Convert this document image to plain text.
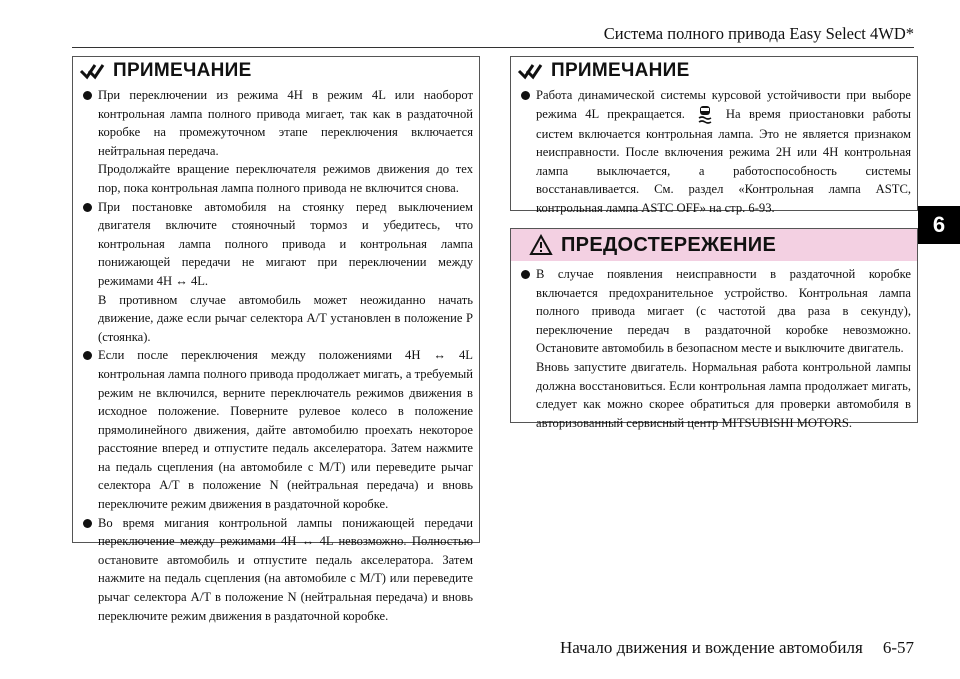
Система полного привода Easy Select 4WD*
6
ПРИМЕЧАНИЕ
При переключении из режима 4H в режим 4L или наоборот контрольная лампа полного привода мигает, так как в раздаточной коробке на промежуточном этапе переключения включается нейтральная передача.
Продолжайте вращение переключателя режимов движения до тех пор, пока контрольная лампа полного привода не включится снова.
При постановке автомобиля на стоянку перед выключением двигателя включите стояночный тормоз и убедитесь, что контрольная лампа полного привода и контрольная лампа понижающей передачи не мигают при переключении между режимами 4H ↔ 4L.
В противном случае автомобиль может неожиданно начать движение, даже если рычаг селектора А/Т установлен в положение P (стоянка).
Если после переключения между положениями 4H ↔ 4L контрольная лампа полного привода продолжает мигать, а требуемый режим не включился, верните переключатель режимов движения в исходное положение. Поверните рулевое колесо в положение прямолинейного движения, дайте автомобилю проехать некоторое расстояние вперед и отпустите педаль акселератора. Затем нажмите на педаль сцепления (на автомобиле с М/Т) или переведите рычаг селектора А/Т в положение N (нейтральная передача) и вновь переключите режим движения в раздаточной коробке.
Во время мигания контрольной лампы понижающей передачи переключение между режимами 4H ↔ 4L невозможно. Полностью остановите автомобиль и отпустите педаль акселератора. Затем нажмите на педаль сцепления (на автомобиле с М/Т) или переведите рычаг селектора А/Т в положение N (нейтральная передача) и вновь переключите режим движения в раздаточной коробке.
ПРИМЕЧАНИЕ
Работа динамической системы курсовой устойчивости при выборе режима 4L прекращается.	На время приостановки работы систем включается контрольная лампа. Это не является признаком неисправности. После включения режима 2H или 4H контрольная лампа выключается, а работоспособность системы восстанавливается. См. раздел «Контрольная лампа ASTC, контрольная лампа ASTC OFF» на стр. 6-93.
ПРЕДОСТЕРЕЖЕНИЕ
В случае появления неисправности в раздаточной коробке включается предохранительное устройство. Контрольная лампа полного привода мигает (с частотой два раза в секунду), переключение передач в раздаточной коробке невозможно. Остановите автомобиль в безопасном месте и выключите двигатель.
Вновь запустите двигатель. Нормальная работа контрольной лампы должна восстановиться. Если контрольная лампа продолжает мигать, следует как можно скорее обратиться для проверки автомобиля в авторизованный сервисный центр MITSUBISHI MOTORS.
Начало движения и вождение автомобиля 6-57
